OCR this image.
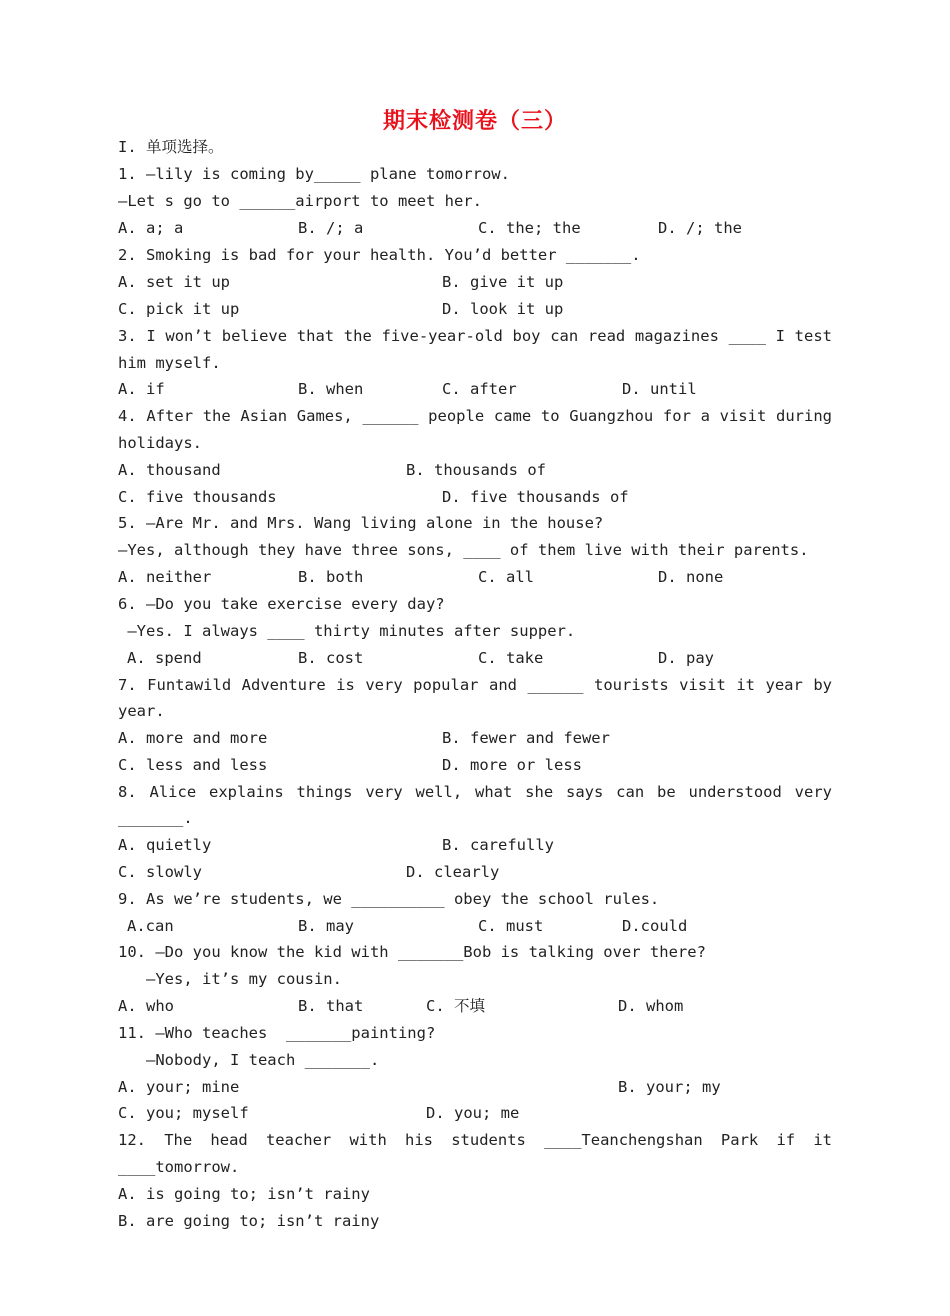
期末检测卷（三）
I. 单项选择。
1. —lily is coming by_____ plane tomorrow.
—Let s go to ______airport to meet her.
A. a; a	B. /; a	C. the; the	D. /; the
2. Smoking is bad for your health. You’d better _______.
A. set it up	B. give it up
C. pick it up	D. look it up
3. I won’t believe that the five-year-old boy can read magazines ____ I test
him myself.
A. if	B. when	C. after	D. until
4. After the Asian Games, ______ people came to Guangzhou for a visit during
holidays.
A. thousand	B. thousands of
C. five thousands	D. five thousands of
5. —Are Mr. and Mrs. Wang living alone in the house?
—Yes, although they have three sons, ____ of them live with their parents.
A. neither	B. both	C. all	D. none
6. —Do you take exercise every day?
—Yes. I always ____ thirty minutes after supper.
A. spend	B. cost	C. take	D. pay
7. Funtawild Adventure is very popular and ______ tourists visit it year by
year.
A. more and more	B. fewer and fewer
C. less and less	D. more or less
8. Alice explains things very well, what she says can be understood very
_______.
A. quietly	B. carefully
C. slowly	D. clearly
9. As we’re students, we __________ obey the school rules.
A.can	B. may	C. must	D.could
10. —Do you know the kid with _______Bob is talking over there?
—Yes, it’s my cousin.
A. who	B. that	C. 不填	D. whom
11. —Who teaches  _______painting?
—Nobody, I teach _______.
A. your; mine	B. your; my
C. you; myself	D. you; me
12. The head teacher with his students ____Teanchengshan Park if it
____tomorrow.
A. is going to; isn’t rainy
B. are going to; isn’t rainy
